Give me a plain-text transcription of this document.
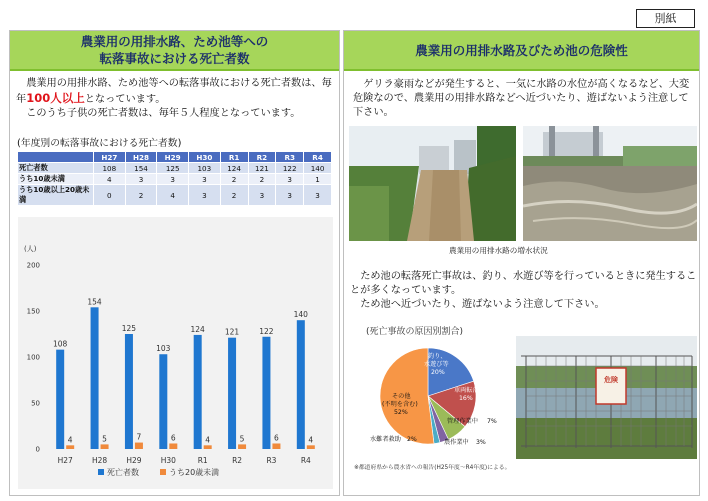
別紙
農業用の用排水路、ため池等への
転落事故における死亡者数

農業用の用排水路、ため池等への転落事故における死亡者数は、毎年100人以上となっています。

このうち子供の死亡者数は、毎年５人程度となっています。

(年度別の転落事故における死亡者数)
	H27	H28	H29	H30	R1	R2	R3	R4
死亡者数	108	154	125	103	124	121	122	140
うち10歳未満	4	3	3	3	2	2	3	1
うち10歳以上20歳未満	0	2	4	3	2	3	3	3
(人)
0
50
100
150
200
108
4
H27
154
5
H28
125
7
H29
103
6
H30
124
4
R1
121
5
R2
122
6
R3
140
4
R4
死亡者数	うち20歳未満
農業用の用排水路及びため池の危険性
ゲリラ豪雨などが発生すると、一気に水路の水位が高くなるなど、大変危険なので、農業用の用排水路などへ近づいたり、遊ばないよう注意して下さい。
農業用の用排水路の増水状況

ため池の転落死亡事故は、釣り、水遊び等を行っているときに発生することが多くなっています。

ため池へ近づいたり、遊ばないよう注意して下さい。

(死亡事故の原因別割合)
釣り、
水遊び等
20%
車両転落
16%
管理作業中 7%
農作業中 3%
水難者救助 2%
その他
(不明を含む)
52%
危険
※都道府県から農水省への報告(H25年度〜R4年度)による。
